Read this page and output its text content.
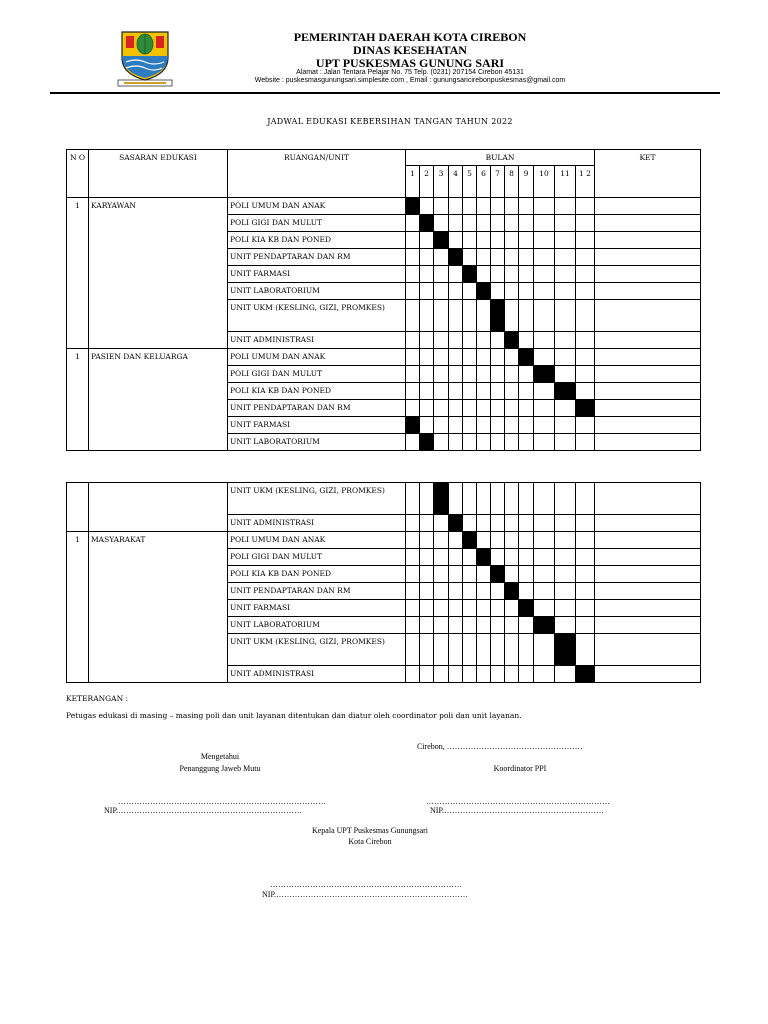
PEMERINTAH DAERAH KOTA CIREBON
DINAS KESEHATAN
UPT PUSKESMAS GUNUNG SARI
Alamat : Jalan Tentara Pelajar No. 75 Telp. (0231) 207154 Cirebon 45131
Website : puskesmasgunungsari.simplesite.com , Email : gunungsaricirebonpuskesmas@gmail.com
JADWAL EDUKASI KEBERSIHAN TANGAN TAHUN 2022
N O	SASARAN EDUKASI	RUANGAN/UNIT	BULAN												KET
			1	2	3	4	5	6	7	8	9	10	11	1 2	
1	KARYAWAN	POLI UMUM DAN ANAK													
		POLI GIGI DAN MULUT													
		POLI KIA KB DAN PONED													
		UNIT PENDAPTARAN DAN RM													
		UNIT FARMASI													
		UNIT LABORATORIUM													
		UNIT UKM (KESLING, GIZI, PROMKES)													
		UNIT ADMINISTRASI													
1	PASIEN DAN KELUARGA	POLI UMUM DAN ANAK													
		POLI GIGI DAN MULUT													
		POLI KIA KB DAN PONED													
		UNIT PENDAPTARAN DAN RM													
		UNIT FARMASI													
		UNIT LABORATORIUM													
		UNIT UKM (KESLING, GIZI, PROMKES)													
		UNIT ADMINISTRASI													
1	MASYARAKAT	POLI UMUM DAN ANAK													
		POLI GIGI DAN MULUT													
		POLI KIA KB DAN PONED													
		UNIT PENDAPTARAN DAN RM													
		UNIT FARMASI													
		UNIT LABORATORIUM													
		UNIT UKM (KESLING, GIZI, PROMKES)													
		UNIT ADMINISTRASI													
KETERANGAN :
Petugas edukasi di masing – masing poli dan unit layanan ditentukan dan diatur oleh coordinator poli dan unit layanan.
Cirebon, ……………………………………………
Mengetahui
Penanggung Jaweb Mutu	Koordinator PPI
……………………………………………………………………
NIP.……………………………………………………………
……………………………………………………………
NIP.……………………………………………………
Kepala UPT Puskesmas Gunungsari
Kota Cirebon
………………………………………………………………
NIP.………………………………………………………………
